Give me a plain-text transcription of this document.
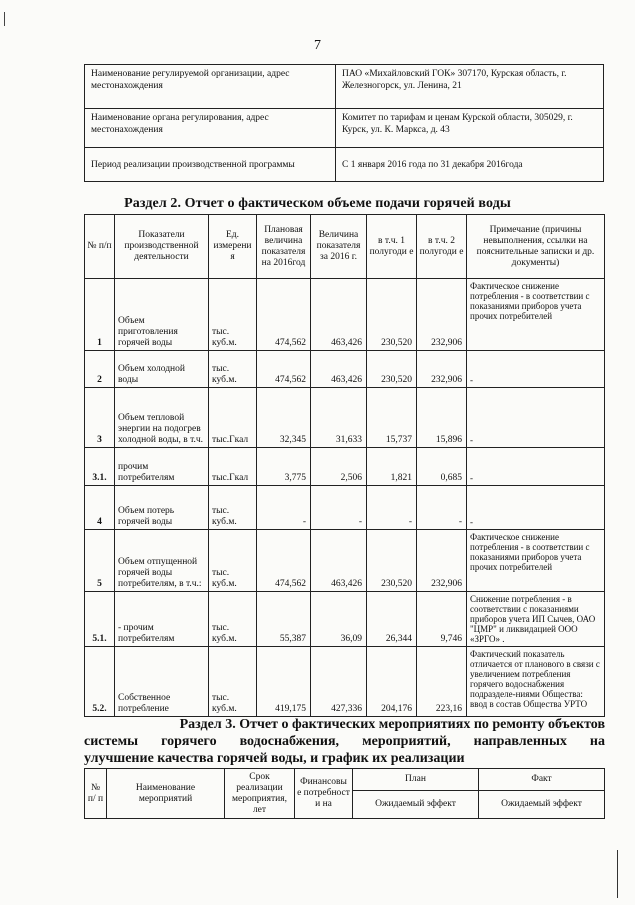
7
Наименование регулируемой организации, адрес местонахождения	ПАО «Михайловский ГОК» 307170, Курская область, г. Железногорск, ул. Ленина, 21
Наименование органа регулирования, адрес местонахождения	Комитет по тарифам и ценам Курской области, 305029, г. Курск, ул. К. Маркса, д. 43
Период реализации производственной программы	С 1 января 2016 года по 31 декабря 2016года
Раздел 2. Отчет о фактическом объеме подачи горячей воды
№ п/п	Показатели производственной деятельности	Ед. измерени я	Плановая величина показателя на 2016год	Величина показателя за 2016 г.	в т.ч. 1 полугоди е	в т.ч. 2 полугоди е	Примечание (причины невыполнения, ссылки на пояснительные записки и др. документы)
1	Объем приготовления горячей воды	тыс. куб.м.	474,562	463,426	230,520	232,906	Фактическое снижение потребления - в соответствии с показаниями приборов учета прочих потребителей
2	Объем холодной воды	тыс. куб.м.	474,562	463,426	230,520	232,906	-
3	Объем тепловой энергии на подогрев холодной воды, в т.ч.	тыс.Гкал	32,345	31,633	15,737	15,896	-
3.1.	прочим потребителям	тыс.Гкал	3,775	2,506	1,821	0,685	-
4	Объем потерь горячей воды	тыс. куб.м.	-	-	-	-	-
5	Объем отпущенной горячей воды потребителям, в т.ч.:	тыс. куб.м.	474,562	463,426	230,520	232,906	Фактическое снижение потребления - в соответствии с показаниями приборов учета прочих потребителей
5.1.	- прочим потребителям	тыс. куб.м.	55,387	36,09	26,344	9,746	Снижение потребления - в соответствии с показаниями приборов учета ИП Сычев, ОАО "ЦМР" и ликвидацией ООО «ЗРГО» .
5.2.	Собственное потребление	тыс. куб.м.	419,175	427,336	204,176	223,16	Фактический показатель отличается от планового в связи с увеличением потребления горячего водоснабжения подразделе-ниями Общества: ввод в состав Общества УРТО
Раздел 3. Отчет о фактических мероприятиях по ремонту объектов
системы горячего водоснабжения, мероприятий, направленных на
улучшение качества горячей воды, и график их реализации
№ п/ п	Наименование мероприятий	Срок реализации мероприятия, лет	Финансовы е потребност и на	План	Факт
				Ожидаемый эффект	Ожидаемый эффект
